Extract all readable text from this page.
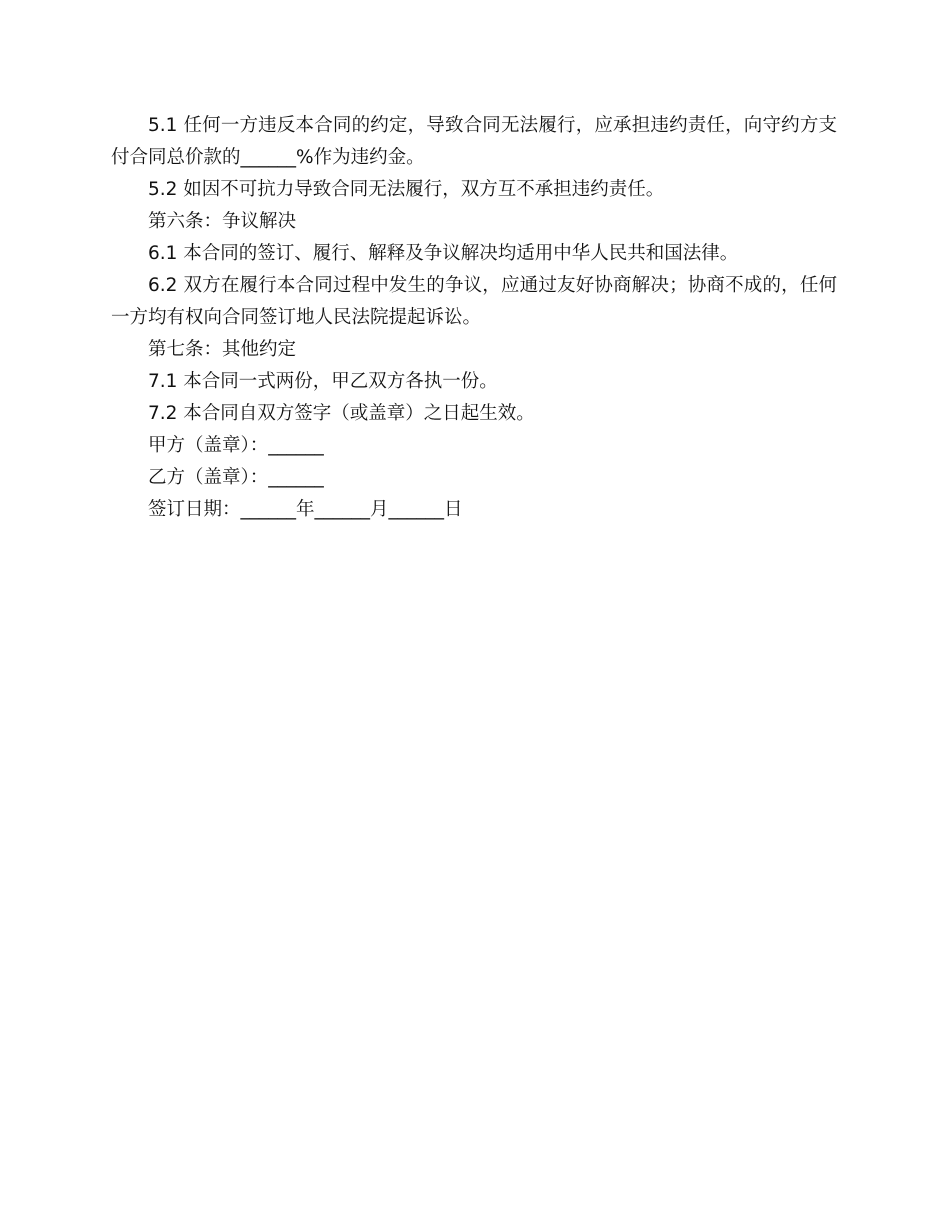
5.1 任何一方违反本合同的约定，导致合同无法履行，应承担违约责任，向守约方支付合同总价款的______%作为违约金。

5.2 如因不可抗力导致合同无法履行，双方互不承担违约责任。

第六条：争议解决

6.1 本合同的签订、履行、解释及争议解决均适用中华人民共和国法律。

6.2 双方在履行本合同过程中发生的争议，应通过友好协商解决；协商不成的，任何一方均有权向合同签订地人民法院提起诉讼。

第七条：其他约定

7.1 本合同一式两份，甲乙双方各执一份。

7.2 本合同自双方签字（或盖章）之日起生效。

甲方（盖章）：______

乙方（盖章）：______

签订日期：______年______月______日
